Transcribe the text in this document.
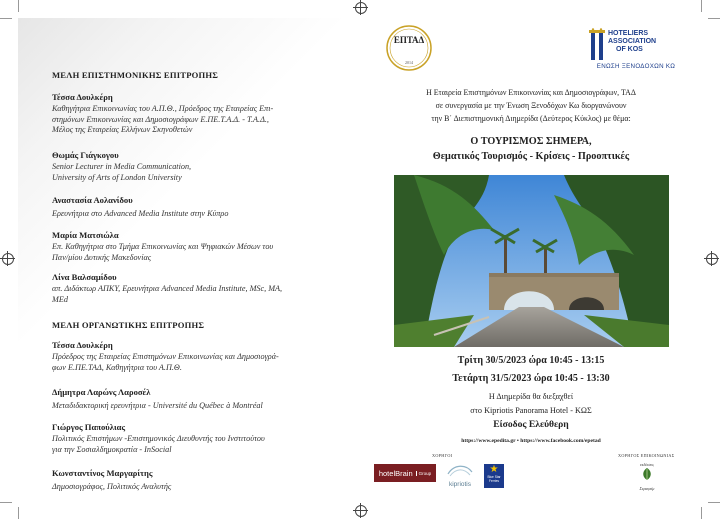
ΜΕΛΗ ΕΠΙΣΤΗΜΟΝΙΚΗΣ ΕΠΙΤΡΟΠΗΣ
Τέσσα Δουλκέρη
Καθηγήτρια Επικοινωνίας του Α.Π.Θ., Πρόεδρος της Εταιρείας Επι-
στημόνων Επικοινωνίας και Δημοσιογράφων Ε.ΠΕ.Τ.Α.Δ. - Τ.Α.Δ.,
Μέλος της Εταιρείας Ελλήνων Σκηνοθετών
Θωμάς Γιάγκογου
Senior Lecturer in Media Communication,
University of Arts of London University
Αναστασία Αολανίδου
Ερευνήτρια στο Advanced Media Institute στην Κύπρο
Μαρία Ματσιώλα
Επ. Καθηγήτρια στο Τμήμα Επικοινωνίας και Ψηφιακών Μέσων του
Παν/μίου Δυτικής Μακεδονίας
Λίνα Βαλσαμίδου
απ. Διδάκτωρ ΑΠΚΥ, Ερευνήτρια Advanced Media Institute, MSc, MA,
MEd
ΜΕΛΗ ΟΡΓΑΝΩΤΙΚΗΣ ΕΠΙΤΡΟΠΗΣ
Τέσσα Δουλκέρη
Πρόεδρος της Εταιρείας Επιστημόνων Επικοινωνίας και Δημοσιογρά-
φων Ε.ΠΕ.ΤΑΔ, Καθηγήτρια του Α.Π.Θ.
Δήμητρα Λαρώνς Λαροσέλ
Μεταδιδακτορική ερευνήτρια - Université du Québec à Montréal
Γιώργος Παπούλιας
Πολιτικός Επιστήμων -Επιστημονικός Διευθυντής του Ινστιτούτου
για την Σοσιαλδημοκρατία - InSocial
Κωνσταντίνος Μαργαρίτης
Δημοσιογράφος, Πολιτικός Αναλυτής
ΕΠΤΑΔ
2014
HOTELIERS
ASSOCIATION
OF KOS
ΕΝΩΣΗ ΞΕΝΟΔΟΧΩΝ ΚΩ
Η Εταιρεία Επιστημόνων Επικοινωνίας και Δημοσιογράφων, ΤΑΔ
σε συνεργασία με την Ένωση Ξενοδόχων Κω διοργανώνουν
την Β΄ Διεπιστημονική Διημερίδα (Δεύτερος Κύκλος) με θέμα:
Ο ΤΟΥΡΙΣΜΟΣ ΣΗΜΕΡΑ,
Θεματικός Τουρισμός - Κρίσεις - Προοπτικές
Τρίτη 30/5/2023 ώρα 10:45 - 13:15
Τετάρτη 31/5/2023 ώρα 10:45 - 13:30
Η Διημερίδα θα διεξαχθεί
στο Kipriotis Panorama Hotel - ΚΩΣ
Είσοδος Ελεύθερη
https://www.epedita.gr • https://www.facebook.com/epetad
ΧΟΡΗΓΟΙ	ΧΟΡΗΓΟΣ ΕΠΙΚΟΙΝΩΝΙΑΣ
hotelBrain	Group
kipriotis
★
Blue Star
Ferries
εκδόσεις
Σεραφείμ
